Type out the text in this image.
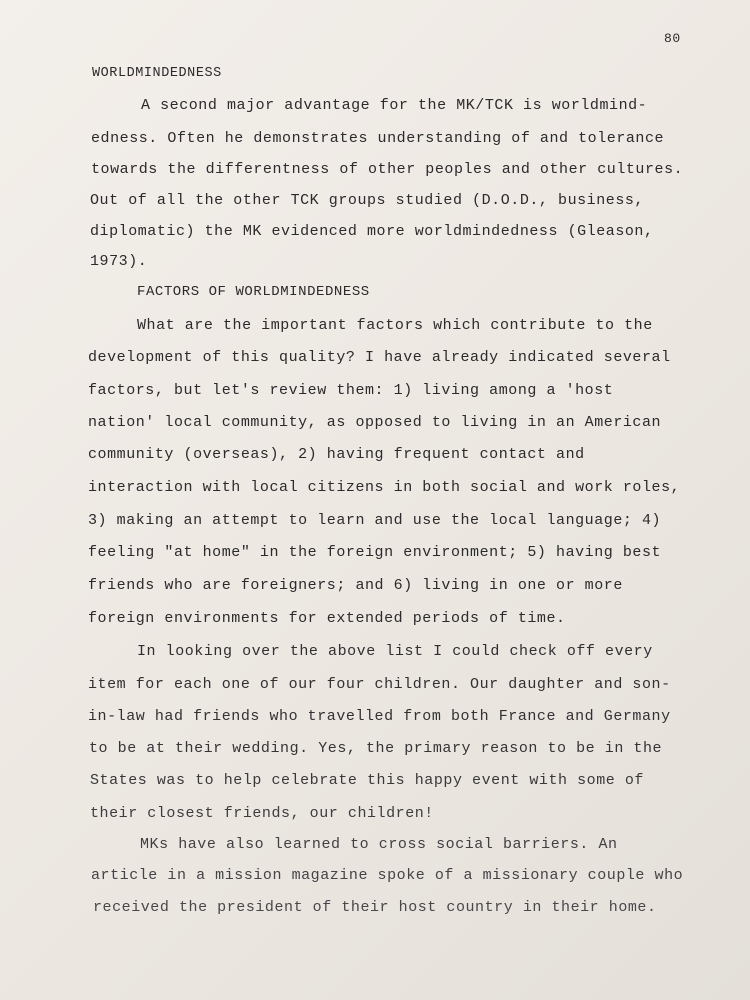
80
WORLDMINDEDNESS
A second major advantage for the MK/TCK is worldmind-
edness. Often he demonstrates understanding of and tolerance
towards the differentness of other peoples and other cultures.
Out of all the other TCK groups studied (D.O.D., business,
diplomatic) the MK evidenced more worldmindedness (Gleason,
1973).
FACTORS OF WORLDMINDEDNESS
What are the important factors which contribute to the
development of this quality? I have already indicated several
factors, but let's review them: 1) living among a 'host
nation' local community, as opposed to living in an American
community (overseas), 2) having frequent contact and
interaction with local citizens in both social and work roles,
3) making an attempt to learn and use the local language; 4)
feeling "at home" in the foreign environment; 5) having best
friends who are foreigners; and 6) living in one or more
foreign environments for extended periods of time.
In looking over the above list I could check off every
item for each one of our four children. Our daughter and son-
in-law had friends who travelled from both France and Germany
to be at their wedding. Yes, the primary reason to be in the
States was to help celebrate this happy event with some of
their closest friends, our children!
MKs have also learned to cross social barriers. An
article in a mission magazine spoke of a missionary couple who
received the president of their host country in their home.
